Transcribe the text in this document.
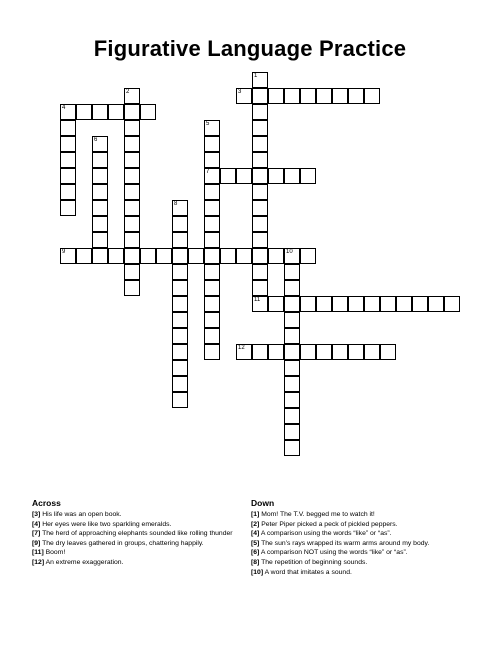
Figurative Language Practice
1
2	3
4
5
7
6
8
9	10
11
12
Across

[3] His life was an open book.

[4] Her eyes were like two sparkling emeralds.

[7] The herd of approaching elephants sounded like rolling thunder

[9] The dry leaves gathered in groups, chattering happily.

[11] Boom!

[12] An extreme exaggeration.

Down

[1] Mom! The T.V. begged me to watch it!

[2] Peter Piper picked a peck of pickled peppers.

[4] A comparison using the words “like” or “as”.

[5] The sun’s rays wrapped its warm arms around my body.

[6] A comparison NOT using the words “like” or “as”.

[8] The repetition of beginning sounds.

[10] A word that imitates a sound.
